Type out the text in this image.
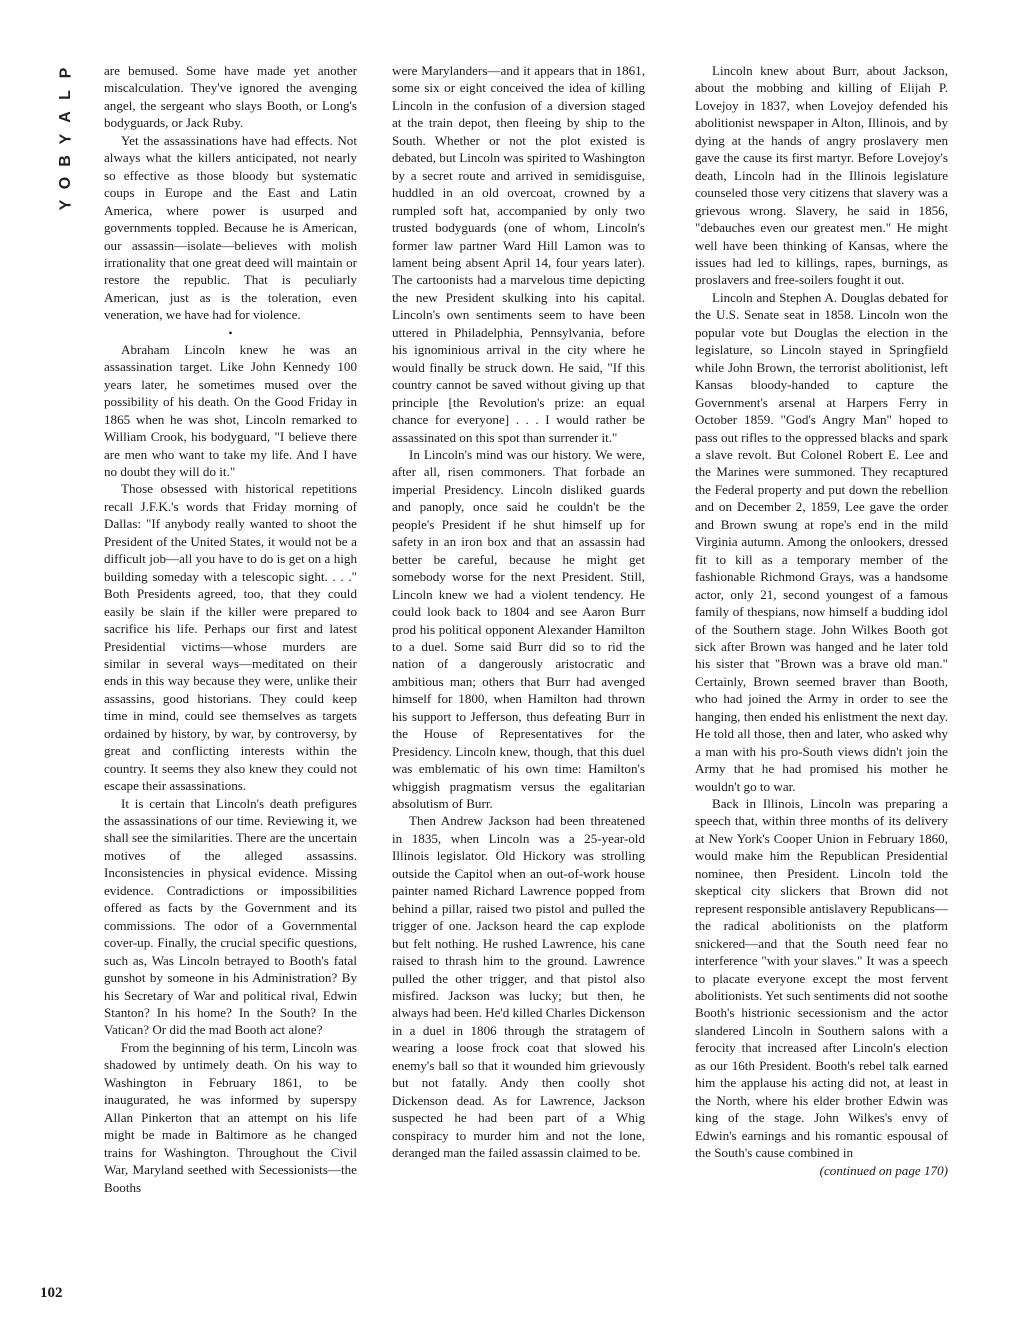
P
L
A
Y
B
O
Y

are bemused. Some have made yet another miscalculation. They've ignored the avenging angel, the sergeant who slays Booth, or Long's bodyguards, or Jack Ruby.

Yet the assassinations have had effects. Not always what the killers anticipated, not nearly so effective as those bloody but systematic coups in Europe and the East and Latin America, where power is usurped and governments toppled. Because he is American, our assassin—isolate—believes with molish irrationality that one great deed will maintain or restore the republic. That is peculiarly American, just as is the toleration, even veneration, we have had for violence.

•

Abraham Lincoln knew he was an assassination target. Like John Kennedy 100 years later, he sometimes mused over the possibility of his death. On the Good Friday in 1865 when he was shot, Lincoln remarked to William Crook, his bodyguard, "I believe there are men who want to take my life. And I have no doubt they will do it."

Those obsessed with historical repetitions recall J.F.K.'s words that Friday morning of Dallas: "If anybody really wanted to shoot the President of the United States, it would not be a difficult job—all you have to do is get on a high building someday with a telescopic sight. . . ." Both Presidents agreed, too, that they could easily be slain if the killer were prepared to sacrifice his life. Perhaps our first and latest Presidential victims—whose murders are similar in several ways—meditated on their ends in this way because they were, unlike their assassins, good historians. They could keep time in mind, could see themselves as targets ordained by history, by war, by controversy, by great and conflicting interests within the country. It seems they also knew they could not escape their assassinations.

It is certain that Lincoln's death prefigures the assassinations of our time. Reviewing it, we shall see the similarities. There are the uncertain motives of the alleged assassins. Inconsistencies in physical evidence. Missing evidence. Contradictions or impossibilities offered as facts by the Government and its commissions. The odor of a Governmental cover-up. Finally, the crucial specific questions, such as, Was Lincoln betrayed to Booth's fatal gunshot by someone in his Administration? By his Secretary of War and political rival, Edwin Stanton? In his home? In the South? In the Vatican? Or did the mad Booth act alone?

From the beginning of his term, Lincoln was shadowed by untimely death. On his way to Washington in February 1861, to be inaugurated, he was informed by superspy Allan Pinkerton that an attempt on his life might be made in Baltimore as he changed trains for Washington. Throughout the Civil War, Maryland seethed with Secessionists—the Booths

were Marylanders—and it appears that in 1861, some six or eight conceived the idea of killing Lincoln in the confusion of a diversion staged at the train depot, then fleeing by ship to the South. Whether or not the plot existed is debated, but Lincoln was spirited to Washington by a secret route and arrived in semidisguise, huddled in an old overcoat, crowned by a rumpled soft hat, accompanied by only two trusted bodyguards (one of whom, Lincoln's former law partner Ward Hill Lamon was to lament being absent April 14, four years later). The cartoonists had a marvelous time depicting the new President skulking into his capital. Lincoln's own sentiments seem to have been uttered in Philadelphia, Pennsylvania, before his ignominious arrival in the city where he would finally be struck down. He said, "If this country cannot be saved without giving up that principle [the Revolution's prize: an equal chance for everyone] . . . I would rather be assassinated on this spot than surrender it."

In Lincoln's mind was our history. We were, after all, risen commoners. That forbade an imperial Presidency. Lincoln disliked guards and panoply, once said he couldn't be the people's President if he shut himself up for safety in an iron box and that an assassin had better be careful, because he might get somebody worse for the next President. Still, Lincoln knew we had a violent tendency. He could look back to 1804 and see Aaron Burr prod his political opponent Alexander Hamilton to a duel. Some said Burr did so to rid the nation of a dangerously aristocratic and ambitious man; others that Burr had avenged himself for 1800, when Hamilton had thrown his support to Jefferson, thus defeating Burr in the House of Representatives for the Presidency. Lincoln knew, though, that this duel was emblematic of his own time: Hamilton's whiggish pragmatism versus the egalitarian absolutism of Burr.

Then Andrew Jackson had been threatened in 1835, when Lincoln was a 25-year-old Illinois legislator. Old Hickory was strolling outside the Capitol when an out-of-work house painter named Richard Lawrence popped from behind a pillar, raised two pistol and pulled the trigger of one. Jackson heard the cap explode but felt nothing. He rushed Lawrence, his cane raised to thrash him to the ground. Lawrence pulled the other trigger, and that pistol also misfired. Jackson was lucky; but then, he always had been. He'd killed Charles Dickenson in a duel in 1806 through the stratagem of wearing a loose frock coat that slowed his enemy's ball so that it wounded him grievously but not fatally. Andy then coolly shot Dickenson dead. As for Lawrence, Jackson suspected he had been part of a Whig conspiracy to murder him and not the lone, deranged man the failed assassin claimed to be.

Lincoln knew about Burr, about Jackson, about the mobbing and killing of Elijah P. Lovejoy in 1837, when Lovejoy defended his abolitionist newspaper in Alton, Illinois, and by dying at the hands of angry proslavery men gave the cause its first martyr. Before Lovejoy's death, Lincoln had in the Illinois legislature counseled those very citizens that slavery was a grievous wrong. Slavery, he said in 1856, "debauches even our greatest men." He might well have been thinking of Kansas, where the issues had led to killings, rapes, burnings, as proslavers and free-soilers fought it out.

Lincoln and Stephen A. Douglas debated for the U.S. Senate seat in 1858. Lincoln won the popular vote but Douglas the election in the legislature, so Lincoln stayed in Springfield while John Brown, the terrorist abolitionist, left Kansas bloody-handed to capture the Government's arsenal at Harpers Ferry in October 1859. "God's Angry Man" hoped to pass out rifles to the oppressed blacks and spark a slave revolt. But Colonel Robert E. Lee and the Marines were summoned. They recaptured the Federal property and put down the rebellion and on December 2, 1859, Lee gave the order and Brown swung at rope's end in the mild Virginia autumn. Among the onlookers, dressed fit to kill as a temporary member of the fashionable Richmond Grays, was a handsome actor, only 21, second youngest of a famous family of thespians, now himself a budding idol of the Southern stage. John Wilkes Booth got sick after Brown was hanged and he later told his sister that "Brown was a brave old man." Certainly, Brown seemed braver than Booth, who had joined the Army in order to see the hanging, then ended his enlistment the next day. He told all those, then and later, who asked why a man with his pro-South views didn't join the Army that he had promised his mother he wouldn't go to war.

Back in Illinois, Lincoln was preparing a speech that, within three months of its delivery at New York's Cooper Union in February 1860, would make him the Republican Presidential nominee, then President. Lincoln told the skeptical city slickers that Brown did not represent responsible antislavery Republicans—the radical abolitionists on the platform snickered—and that the South need fear no interference "with your slaves." It was a speech to placate everyone except the most fervent abolitionists. Yet such sentiments did not soothe Booth's histrionic secessionism and the actor slandered Lincoln in Southern salons with a ferocity that increased after Lincoln's election as our 16th President. Booth's rebel talk earned him the applause his acting did not, at least in the North, where his elder brother Edwin was king of the stage. John Wilkes's envy of Edwin's earnings and his romantic espousal of the South's cause combined in

(continued on page 170)

102
